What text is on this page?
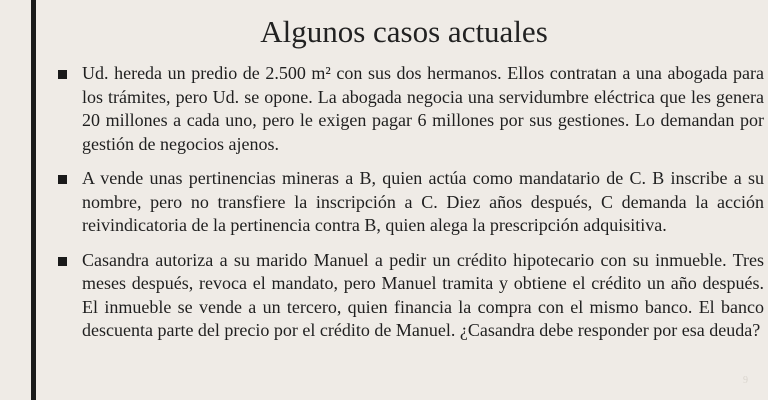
Algunos casos actuales
Ud. hereda un predio de 2.500 m² con sus dos hermanos. Ellos contratan a una abogada para los trámites, pero Ud. se opone. La abogada negocia una servidumbre eléctrica que les genera 20 millones a cada uno, pero le exigen pagar 6 millones por sus gestiones. Lo demandan por gestión de negocios ajenos.
A vende unas pertinencias mineras a B, quien actúa como mandatario de C. B inscribe a su nombre, pero no transfiere la inscripción a C. Diez años después, C demanda la acción reivindicatoria de la pertinencia contra B, quien alega la prescripción adquisitiva.
Casandra autoriza a su marido Manuel a pedir un crédito hipotecario con su inmueble. Tres meses después, revoca el mandato, pero Manuel tramita y obtiene el crédito un año después. El inmueble se vende a un tercero, quien financia la compra con el mismo banco. El banco descuenta parte del precio por el crédito de Manuel. ¿Casandra debe responder por esa deuda?
9
